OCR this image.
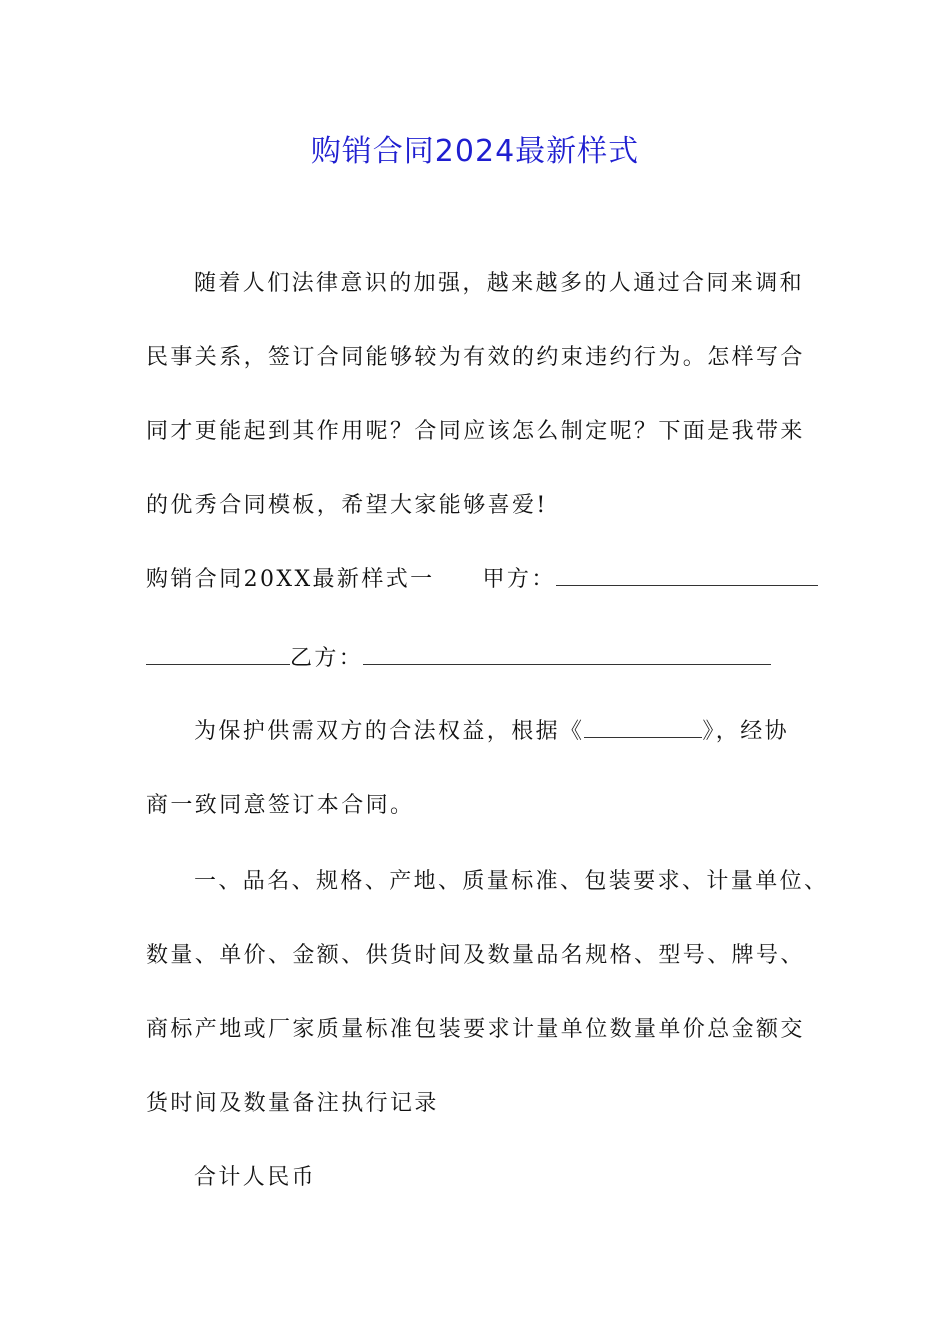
购销合同2024最新样式
随着人们法律意识的加强，越来越多的人通过合同来调和
民事关系，签订合同能够较为有效的约束违约行为。怎样写合
同才更能起到其作用呢？合同应该怎么制定呢？下面是我带来
的优秀合同模板，希望大家能够喜爱!
购销合同20XX最新样式一 甲方：
乙方：
为保护供需双方的合法权益，根据《	》，经协
商一致同意签订本合同。
一、品名、规格、产地、质量标准、包装要求、计量单位、
数量、单价、金额、供货时间及数量品名规格、型号、牌号、
商标产地或厂家质量标准包装要求计量单位数量单价总金额交
货时间及数量备注执行记录
合计人民币
